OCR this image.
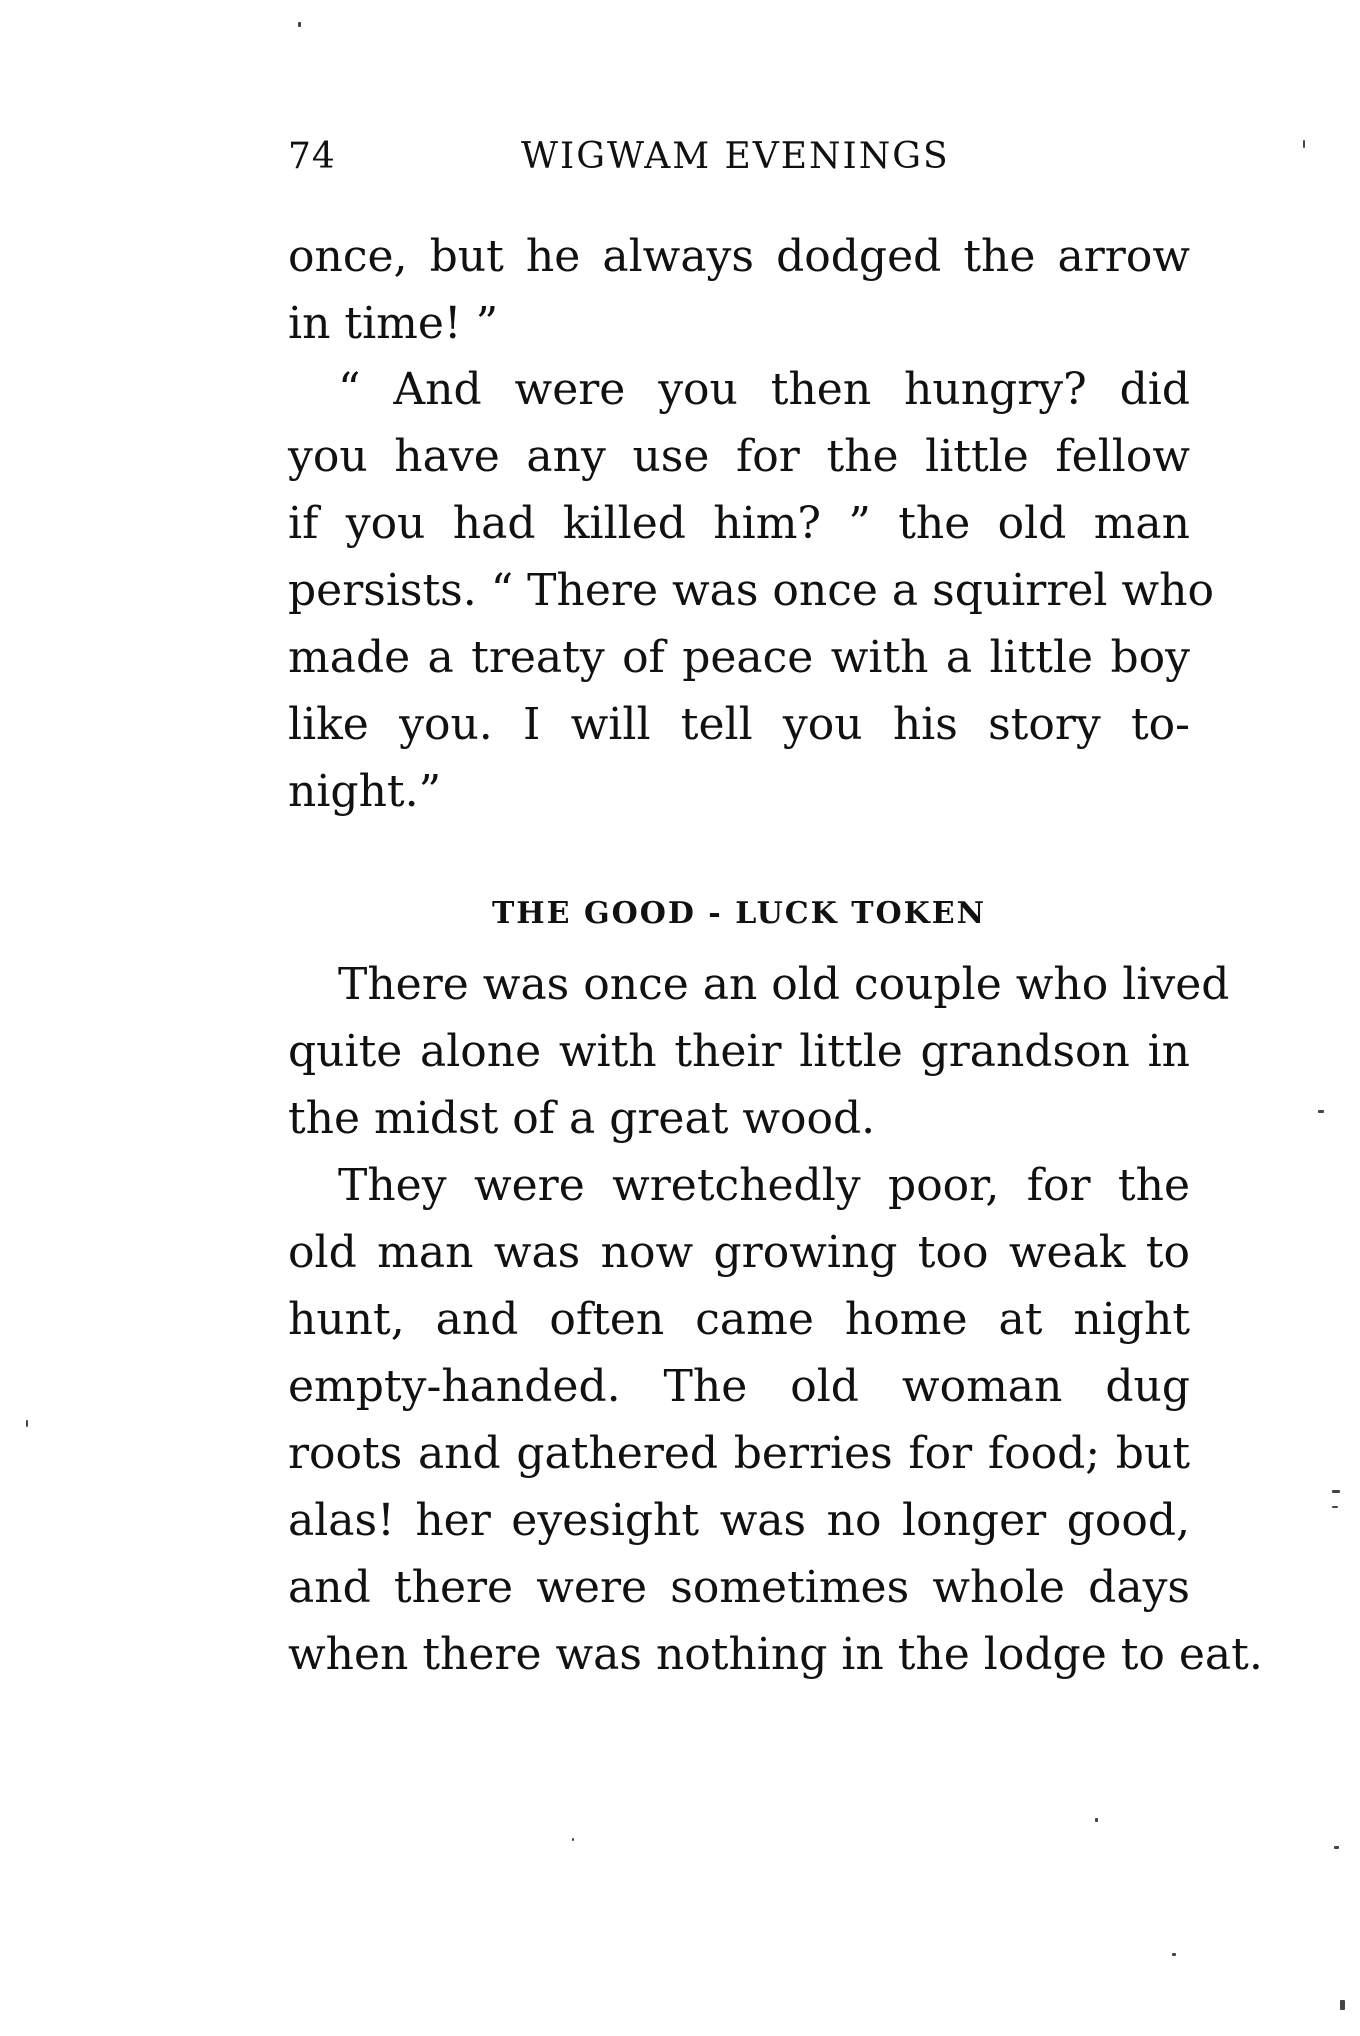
74	WIGWAM EVENINGS
once, but he always dodged the arrow
in time! ”
“ And were you then hungry? did
you have any use for the little fellow
if you had killed him? ” the old man
persists. “ There was once a squirrel who
made a treaty of peace with a little boy
like you. I will tell you his story to-
night.”
THE GOOD - LUCK TOKEN
There was once an old couple who lived
quite alone with their little grandson in
the midst of a great wood.
They were wretchedly poor, for the
old man was now growing too weak to
hunt, and often came home at night
empty-handed. The old woman dug
roots and gathered berries for food; but
alas! her eyesight was no longer good,
and there were sometimes whole days
when there was nothing in the lodge to eat.
